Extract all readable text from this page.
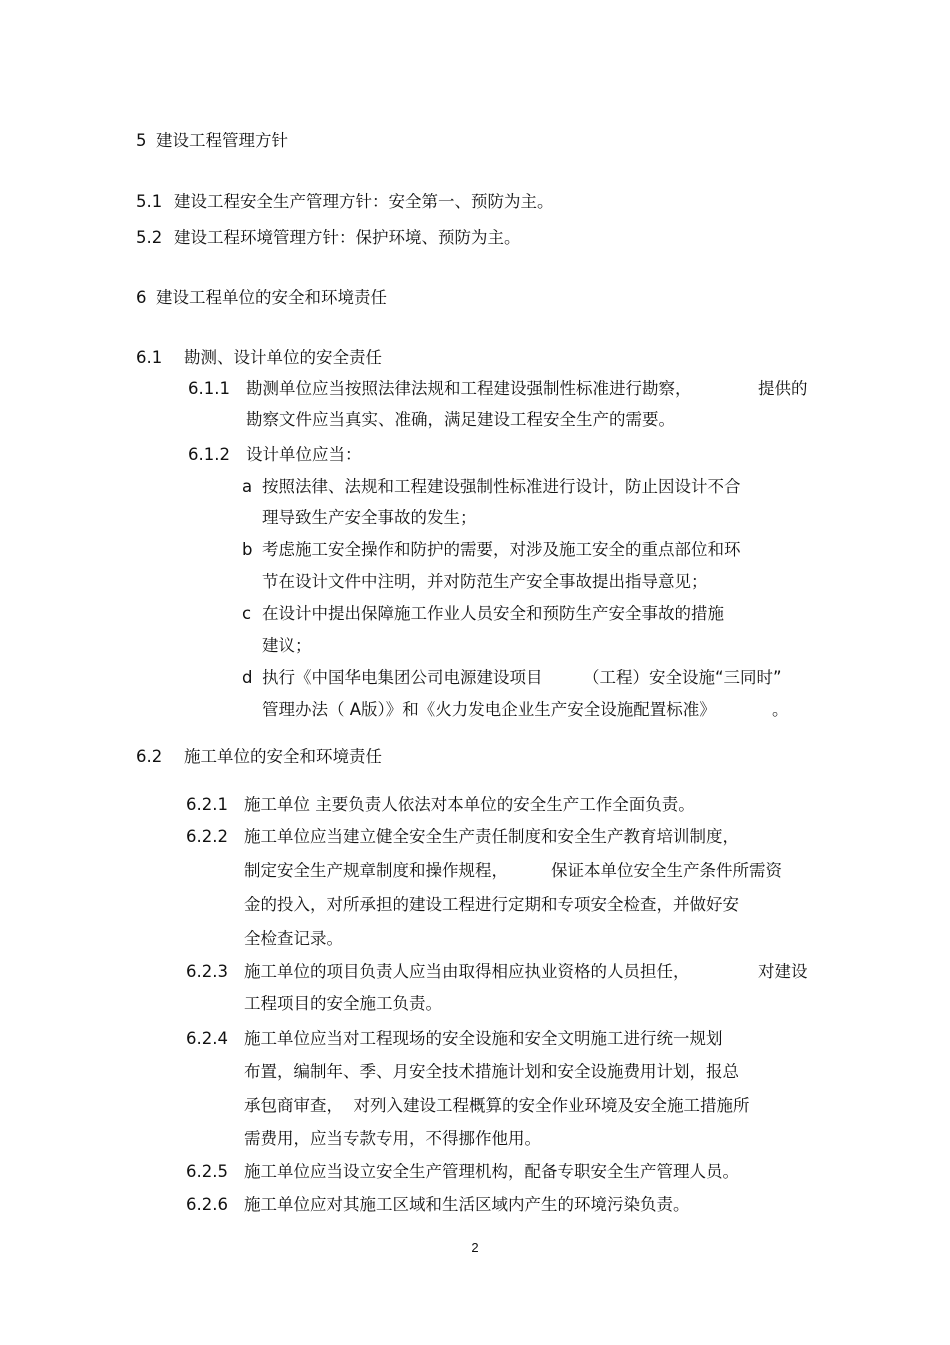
5 建设工程管理方针
5.1 建设工程安全生产管理方针：安全第一、预防为主。
5.2 建设工程环境管理方针：保护环境、预防为主。
6 建设工程单位的安全和环境责任
6.1 勘测、设计单位的安全责任
6.1.1 勘测单位应当按照法律法规和工程建设强制性标准进行勘察，	提供的
勘察文件应当真实、准确，满足建设工程安全生产的需要。
6.1.2 设计单位应当：
a 按照法律、法规和工程建设强制性标准进行设计，防止因设计不合
理导致生产安全事故的发生；
b 考虑施工安全操作和防护的需要，对涉及施工安全的重点部位和环
节在设计文件中注明，并对防范生产安全事故提出指导意见；
c 在设计中提出保障施工作业人员安全和预防生产安全事故的措施
建议；
d 执行《中国华电集团公司电源建设项目 （工程）安全设施“三同时”
管理办法（ A版）》和《火力发电企业生产安全设施配置标准》	。
6.2 施工单位的安全和环境责任
6.2.1 施工单位 主要负责人依法对本单位的安全生产工作全面负责。
6.2.2 施工单位应当建立健全安全生产责任制度和安全生产教育培训制度，
制定安全生产规章制度和操作规程，	保证本单位安全生产条件所需资
金的投入，对所承担的建设工程进行定期和专项安全检查，并做好安
全检查记录。
6.2.3 施工单位的项目负责人应当由取得相应执业资格的人员担任，	对建设
工程项目的安全施工负责。
6.2.4 施工单位应当对工程现场的安全设施和安全文明施工进行统一规划
布置，编制年、季、月安全技术措施计划和安全设施费用计划，报总
承包商审查，  对列入建设工程概算的安全作业环境及安全施工措施所
需费用，应当专款专用，不得挪作他用。
6.2.5 施工单位应当设立安全生产管理机构，配备专职安全生产管理人员。
6.2.6 施工单位应对其施工区域和生活区域内产生的环境污染负责。
2
